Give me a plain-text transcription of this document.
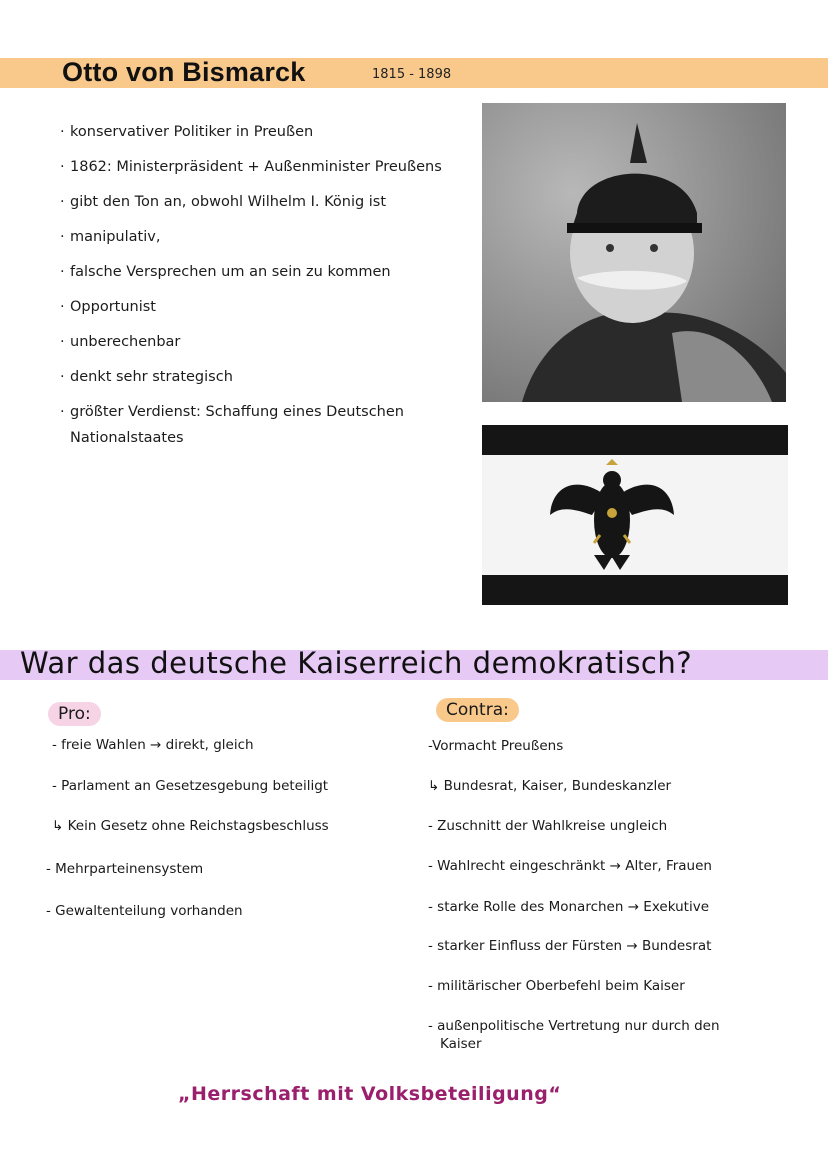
Otto von Bismarck	1815 - 1898
· konservativer Politiker in Preußen
· 1862: Ministerpräsident + Außenminister Preußens
· gibt den Ton an, obwohl Wilhelm I. König ist
· manipulativ,
· falsche Versprechen um an sein zu kommen
· Opportunist
· unberechenbar
· denkt sehr strategisch
· größter Verdienst: Schaffung eines Deutschen
Nationalstaates
War das deutsche Kaiserreich demokratisch?
Pro:	Contra:
- freie Wahlen → direkt, gleich
- Parlament an Gesetzesgebung beteiligt
↳ Kein Gesetz ohne Reichstagsbeschluss
- Mehrparteinensystem
- Gewaltenteilung vorhanden
-Vormacht Preußens
↳ Bundesrat, Kaiser, Bundeskanzler
- Zuschnitt der Wahlkreise ungleich
- Wahlrecht eingeschränkt → Alter, Frauen
- starke Rolle des Monarchen → Exekutive
- starker Einfluss der Fürsten → Bundesrat
- militärischer Oberbefehl beim Kaiser
- außenpolitische Vertretung nur durch den
Kaiser
„Herrschaft mit Volksbeteiligung“
